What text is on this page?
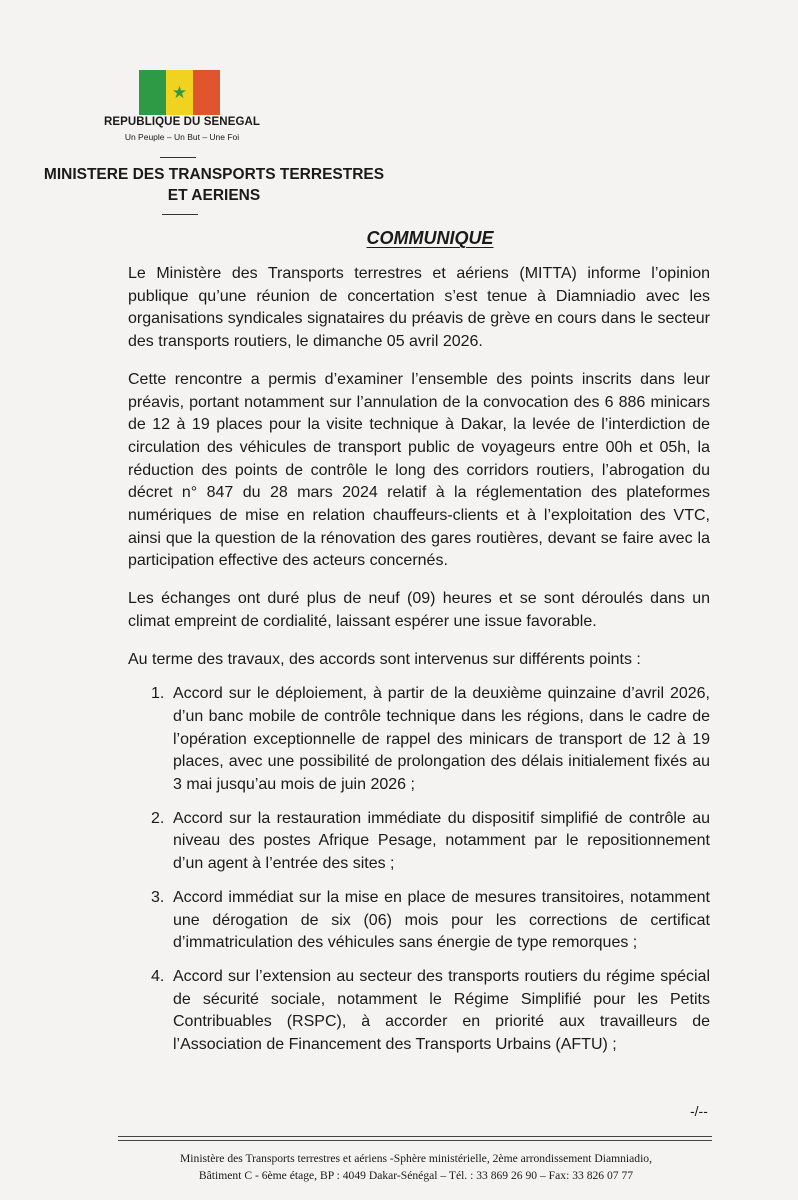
★
REPUBLIQUE DU SENEGAL
Un Peuple – Un But – Une Foi
MINISTERE DES TRANSPORTS TERRESTRES
ET AERIENS
COMMUNIQUE

Le Ministère des Transports terrestres et aériens (MITTA) informe l’opinion publique qu’une réunion de concertation s’est tenue à Diamniadio avec les organisations syndicales signataires du préavis de grève en cours dans le secteur des transports routiers, le dimanche 05 avril 2026.

Cette rencontre a permis d’examiner l’ensemble des points inscrits dans leur préavis, portant notamment sur l’annulation de la convocation des 6 886 minicars de 12 à 19 places pour la visite technique à Dakar, la levée de l’interdiction de circulation des véhicules de transport public de voyageurs entre 00h et 05h, la réduction des points de contrôle le long des corridors routiers, l’abrogation du décret n° 847 du 28 mars 2024 relatif à la réglementation des plateformes numériques de mise en relation chauffeurs-clients et à l’exploitation des VTC, ainsi que la question de la rénovation des gares routières, devant se faire avec la participation effective des acteurs concernés.

Les échanges ont duré plus de neuf (09) heures et se sont déroulés dans un climat empreint de cordialité, laissant espérer une issue favorable.

Au terme des travaux, des accords sont intervenus sur différents points :

1. Accord sur le déploiement, à partir de la deuxième quinzaine d’avril 2026, d’un banc mobile de contrôle technique dans les régions, dans le cadre de l’opération exceptionnelle de rappel des minicars de transport de 12 à 19 places, avec une possibilité de prolongation des délais initialement fixés au 3 mai jusqu’au mois de juin 2026 ;
2. Accord sur la restauration immédiate du dispositif simplifié de contrôle au niveau des postes Afrique Pesage, notamment par le repositionnement d’un agent à l’entrée des sites ;
3. Accord immédiat sur la mise en place de mesures transitoires, notamment une dérogation de six (06) mois pour les corrections de certificat d’immatriculation des véhicules sans énergie de type remorques ;
4. Accord sur l’extension au secteur des transports routiers du régime spécial de sécurité sociale, notamment le Régime Simplifié pour les Petits Contribuables (RSPC), à accorder en priorité aux travailleurs de l’Association de Financement des Transports Urbains (AFTU) ;
-/--
Ministère des Transports terrestres et aériens -Sphère ministérielle, 2ème arrondissement Diamniadio,
Bâtiment C - 6ème étage, BP : 4049 Dakar-Sénégal – Tél. : 33 869 26 90 – Fax: 33 826 07 77
